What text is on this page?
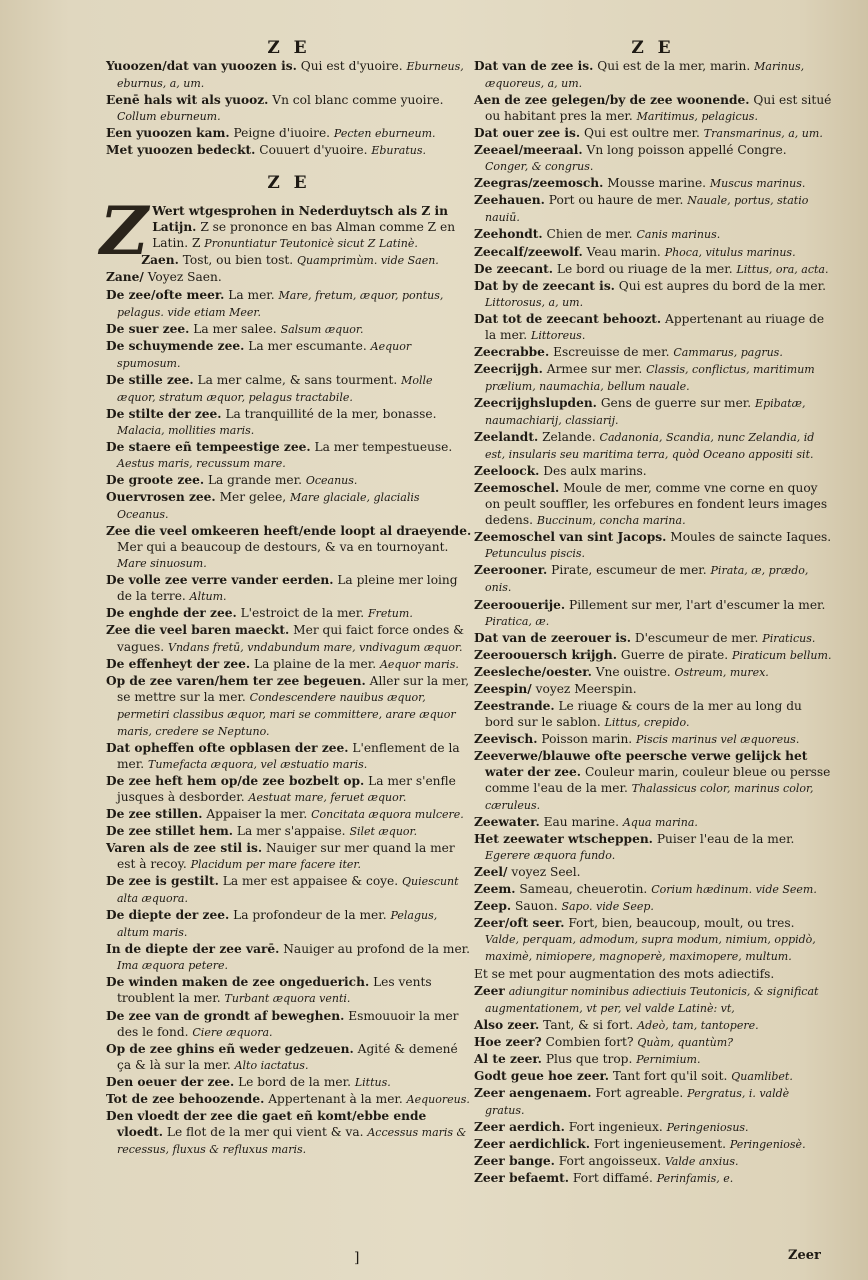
Z E

Yuoozen/dat van yuoozen is. Qui est d'yuoire. Eburneus, eburnus, a, um.

Eenē hals wit als yuooz. Vn col blanc comme yuoire. Collum eburneum.

Een yuoozen kam. Peigne d'iuoire. Pecten eburneum.

Met yuoozen bedeckt. Couuert d'yuoire. Eburatus.

Z E

Z Wert wtgesprohen in Nederduytsch als Z in Latijn. Z se prononce en bas Alman comme Z en Latin. Z Pronuntiatur Teutonicè sicut Z Latinè.

Zaen. Tost, ou bien tost. Quamprimùm. vide Saen.

Zane/ Voyez Saen.

De zee/ofte meer. La mer. Mare, fretum, æquor, pontus, pelagus. vide etiam Meer.

De suer zee. La mer salee. Salsum æquor.

De schuymende zee. La mer escumante. Aequor spumosum.

De stille zee. La mer calme, & sans tourment. Molle æquor, stratum æquor, pelagus tractabile.

De stilte der zee. La tranquillité de la mer, bonasse. Malacia, mollities maris.

De staere eñ tempeestige zee. La mer tempestueuse. Aestus maris, recussum mare.

De groote zee. La grande mer. Oceanus.

Ouervrosen zee. Mer gelee, Mare glaciale, glacialis Oceanus.

Zee die veel omkeeren heeft/ende loopt al draeyende. Mer qui a beaucoup de destours, & va en tournoyant. Mare sinuosum.

De volle zee verre vander eerden. La pleine mer loing de la terre. Altum.

De enghde der zee. L'estroict de la mer. Fretum.

Zee die veel baren maeckt. Mer qui faict force ondes & vagues. Vndans fretū, vndabundum mare, vndivagum æquor.

De effenheyt der zee. La plaine de la mer. Aequor maris.

Op de zee varen/hem ter zee begeuen. Aller sur la mer, se mettre sur la mer. Condescendere nauibus æquor, permetiri classibus æquor, mari se committere, arare æquor maris, credere se Neptuno.

Dat opheffen ofte opblasen der zee. L'enflement de la mer. Tumefacta æquora, vel æstuatio maris.

De zee heft hem op/de zee bozbelt op. La mer s'enfle jusques à desborder. Aestuat mare, feruet æquor.

De zee stillen. Appaiser la mer. Concitata æquora mulcere.

De zee stillet hem. La mer s'appaise. Silet æquor.

Varen als de zee stil is. Nauiger sur mer quand la mer est à recoy. Placidum per mare facere iter.

De zee is gestilt. La mer est appaisee & coye. Quiescunt alta æquora.

De diepte der zee. La profondeur de la mer. Pelagus, altum maris.

In de diepte der zee varē. Nauiger au profond de la mer. Ima æquora petere.

De winden maken de zee ongeduerich. Les vents troublent la mer. Turbant æquora venti.

De zee van de grondt af beweghen. Esmouuoir la mer des le fond. Ciere æquora.

Op de zee ghins eñ weder gedzeuen. Agité & demené ça & là sur la mer. Alto iactatus.

Den oeuer der zee. Le bord de la mer. Littus.

Tot de zee behoozende. Appertenant à la mer. Aequoreus.

Den vloedt der zee die gaet eñ komt/ebbe ende vloedt. Le flot de la mer qui vient & va. Accessus maris & recessus, fluxus & refluxus maris.

Z E

Dat van de zee is. Qui est de la mer, marin. Marinus, æquoreus, a, um.

Aen de zee gelegen/by de zee woonende. Qui est situé ou habitant pres la mer. Maritimus, pelagicus.

Dat ouer zee is. Qui est oultre mer. Transmarinus, a, um.

Zeeael/meeraal. Vn long poisson appellé Congre. Conger, & congrus.

Zeegras/zeemosch. Mousse marine. Muscus marinus.

Zeehauen. Port ou haure de mer. Nauale, portus, statio nauiū.

Zeehondt. Chien de mer. Canis marinus.

Zeecalf/zeewolf. Veau marin. Phoca, vitulus marinus.

De zeecant. Le bord ou riuage de la mer. Littus, ora, acta.

Dat by de zeecant is. Qui est aupres du bord de la mer. Littorosus, a, um.

Dat tot de zeecant behoozt. Appertenant au riuage de la mer. Littoreus.

Zeecrabbe. Escreuisse de mer. Cammarus, pagrus.

Zeecrijgh. Armee sur mer. Classis, conflictus, maritimum prælium, naumachia, bellum nauale.

Zeecrijghslupden. Gens de guerre sur mer. Epibatæ, naumachiarij, classiarij.

Zeelandt. Zelande. Cadanonia, Scandia, nunc Zelandia, id est, insularis seu maritima terra, quòd Oceano appositi sit.

Zeeloock. Des aulx marins.

Zeemoschel. Moule de mer, comme vne corne en quoy on peult souffler, les orfebures en fondent leurs images dedens. Buccinum, concha marina.

Zeemoschel van sint Jacops. Moules de saincte Iaques. Petunculus piscis.

Zeerooner. Pirate, escumeur de mer. Pirata, æ, prædo, onis.

Zeeroouerije. Pillement sur mer, l'art d'escumer la mer. Piratica, æ.

Dat van de zeerouer is. D'escumeur de mer. Piraticus.

Zeeroouersch krijgh. Guerre de pirate. Piraticum bellum.

Zeesleche/oester. Vne ouistre. Ostreum, murex.

Zeespin/ voyez Meerspin.

Zeestrande. Le riuage & cours de la mer au long du bord sur le sablon. Littus, crepido.

Zeevisch. Poisson marin. Piscis marinus vel æquoreus.

Zeeverwe/blauwe ofte peersche verwe gelijck het water der zee. Couleur marin, couleur bleue ou persse comme l'eau de la mer. Thalassicus color, marinus color, cæruleus.

Zeewater. Eau marine. Aqua marina.

Het zeewater wtscheppen. Puiser l'eau de la mer. Egerere æquora fundo.

Zeel/ voyez Seel.

Zeem. Sameau, cheuerotin. Corium hædinum. vide Seem.

Zeep. Sauon. Sapo. vide Seep.

Zeer/oft seer. Fort, bien, beaucoup, moult, ou tres. Valde, perquam, admodum, supra modum, nimium, oppidò, maximè, nimiopere, magnoperè, maximopere, multum.

Et se met pour augmentation des mots adiectifs.

Zeer adiungitur nominibus adiectiuis Teutonicis, & significat augmentationem, vt per, vel valde Latinè: vt,

Also zeer. Tant, & si fort. Adeò, tam, tantopere.

Hoe zeer? Combien fort? Quàm, quantùm?

Al te zeer. Plus que trop. Pernimium.

Godt geue hoe zeer. Tant fort qu'il soit. Quamlibet.

Zeer aengenaem. Fort agreable. Pergratus, i. valdè gratus.

Zeer aerdich. Fort ingenieux. Peringeniosus.

Zeer aerdichlick. Fort ingenieusement. Peringeniosè.

Zeer bange. Fort angoisseux. Valde anxius.

Zeer befaemt. Fort diffamé. Perinfamis, e.

]	Zeer
